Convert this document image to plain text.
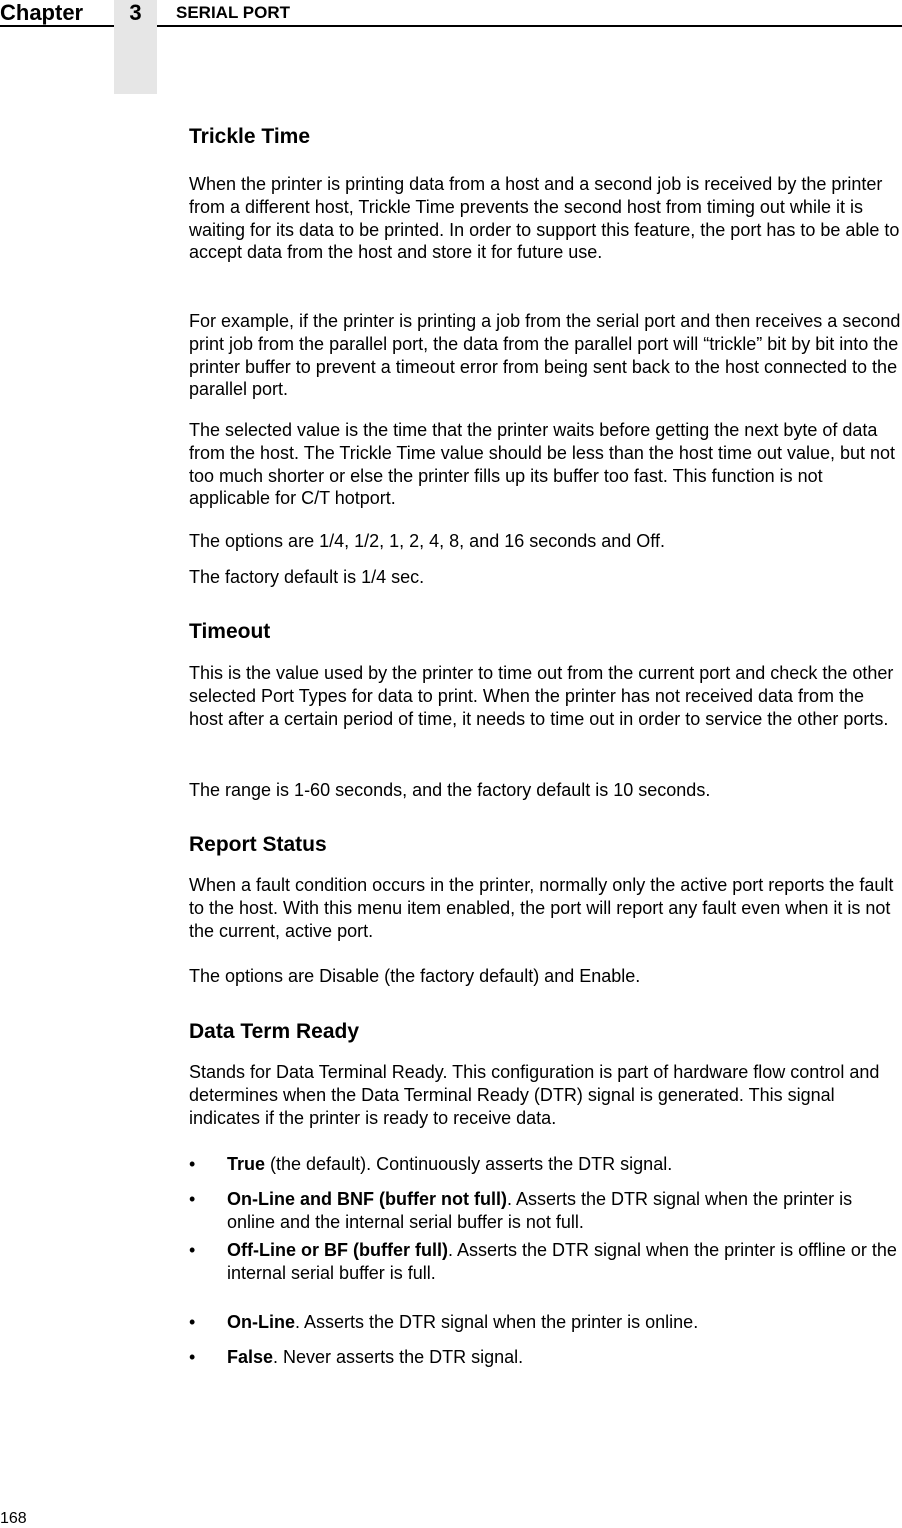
Chapter	3	SERIAL PORT
Trickle Time

When the printer is printing data from a host and a second job is received by the printer from a different host, Trickle Time prevents the second host from timing out while it is waiting for its data to be printed. In order to support this feature, the port has to be able to accept data from the host and store it for future use.

For example, if the printer is printing a job from the serial port and then receives a second print job from the parallel port, the data from the parallel port will “trickle” bit by bit into the printer buffer to prevent a timeout error from being sent back to the host connected to the parallel port.

The selected value is the time that the printer waits before getting the next byte of data from the host. The Trickle Time value should be less than the host time out value, but not too much shorter or else the printer fills up its buffer too fast. This function is not applicable for C/T hotport.

The options are 1/4, 1/2, 1, 2, 4, 8, and 16 seconds and Off.

The factory default is 1/4 sec.

Timeout

This is the value used by the printer to time out from the current port and check the other selected Port Types for data to print. When the printer has not received data from the host after a certain period of time, it needs to time out in order to service the other ports.

The range is 1-60 seconds, and the factory default is 10 seconds.

Report Status

When a fault condition occurs in the printer, normally only the active port reports the fault to the host. With this menu item enabled, the port will report any fault even when it is not the current, active port.

The options are Disable (the factory default) and Enable.

Data Term Ready

Stands for Data Terminal Ready. This configuration is part of hardware flow control and determines when the Data Terminal Ready (DTR) signal is generated. This signal indicates if the printer is ready to receive data.

• True (the default). Continuously asserts the DTR signal.
• On-Line and BNF (buffer not full). Asserts the DTR signal when the printer is online and the internal serial buffer is not full.
• Off-Line or BF (buffer full). Asserts the DTR signal when the printer is offline or the internal serial buffer is full.
• On-Line. Asserts the DTR signal when the printer is online.
• False. Never asserts the DTR signal.
168
